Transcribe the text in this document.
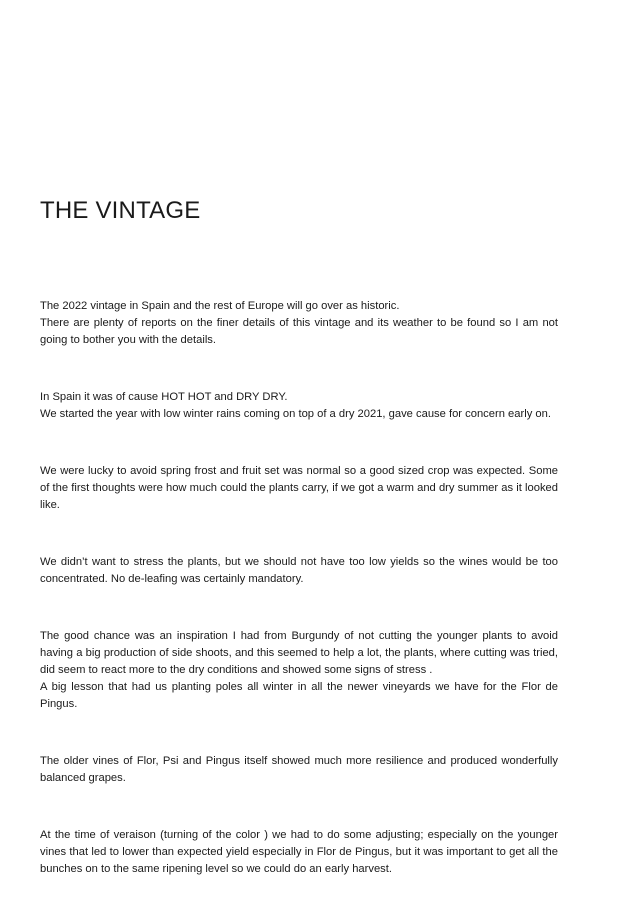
THE VINTAGE

The 2022 vintage in Spain and the rest of Europe will go over as historic.
There are plenty of reports on the finer details of this vintage and its weather to be found so I am not going to bother you with the details.

In Spain it was of cause HOT HOT and DRY DRY.
We started the year with low winter rains coming on top of a dry 2021, gave cause for concern early on.

We were lucky to avoid spring frost and fruit set was normal so a good sized crop was expected. Some of the first thoughts were how much could the plants carry, if we got a warm and dry summer as it looked like.

We didn’t want to stress the plants, but we should not have too low yields so the wines would be too concentrated. No de-leafing was certainly mandatory.

The good chance was an inspiration I had from Burgundy of not cutting the younger plants to avoid having a big production of side shoots, and this seemed to help a lot, the plants, where cutting was tried, did seem to react more to the dry conditions and showed some signs of stress .
A big lesson that had us planting poles all winter in all the newer vineyards we have for the Flor de Pingus.

The older vines of Flor, Psi and Pingus itself showed much more resilience and produced wonderfully balanced grapes.

At the time of veraison (turning of the color ) we had to do some adjusting; especially on the younger vines that led to lower than expected yield especially in Flor de Pingus, but it was important to get all the bunches on to the same ripening level so we could do an early harvest.
